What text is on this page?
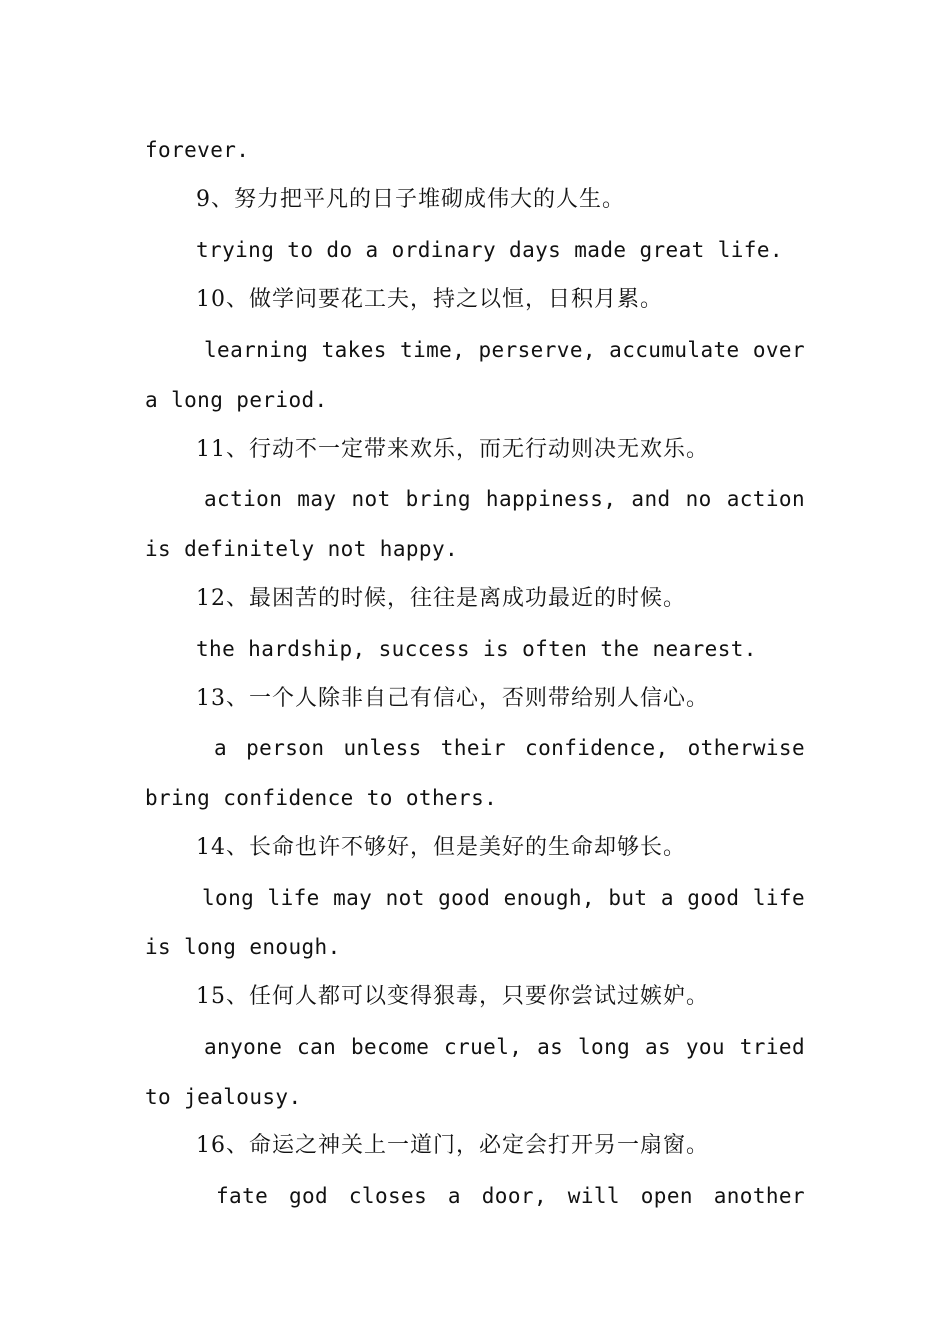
forever.

9、努力把平凡的日子堆砌成伟大的人生。

trying to do a ordinary days made great life.

10、做学问要花工夫，持之以恒，日积月累。

learning takes time, perserve, accumulate over

a long period.

11、行动不一定带来欢乐，而无行动则决无欢乐。

action may not bring happiness, and no action

is definitely not happy.

12、最困苦的时候，往往是离成功最近的时候。

the hardship, success is often the nearest.

13、一个人除非自己有信心，否则带给别人信心。

a person unless their confidence, otherwise

bring confidence to others.

14、长命也许不够好，但是美好的生命却够长。

long life may not good enough, but a good life

is long enough.

15、任何人都可以变得狠毒，只要你尝试过嫉妒。

anyone can become cruel, as long as you tried

to jealousy.

16、命运之神关上一道门，必定会打开另一扇窗。

fate god closes a door, will open another
